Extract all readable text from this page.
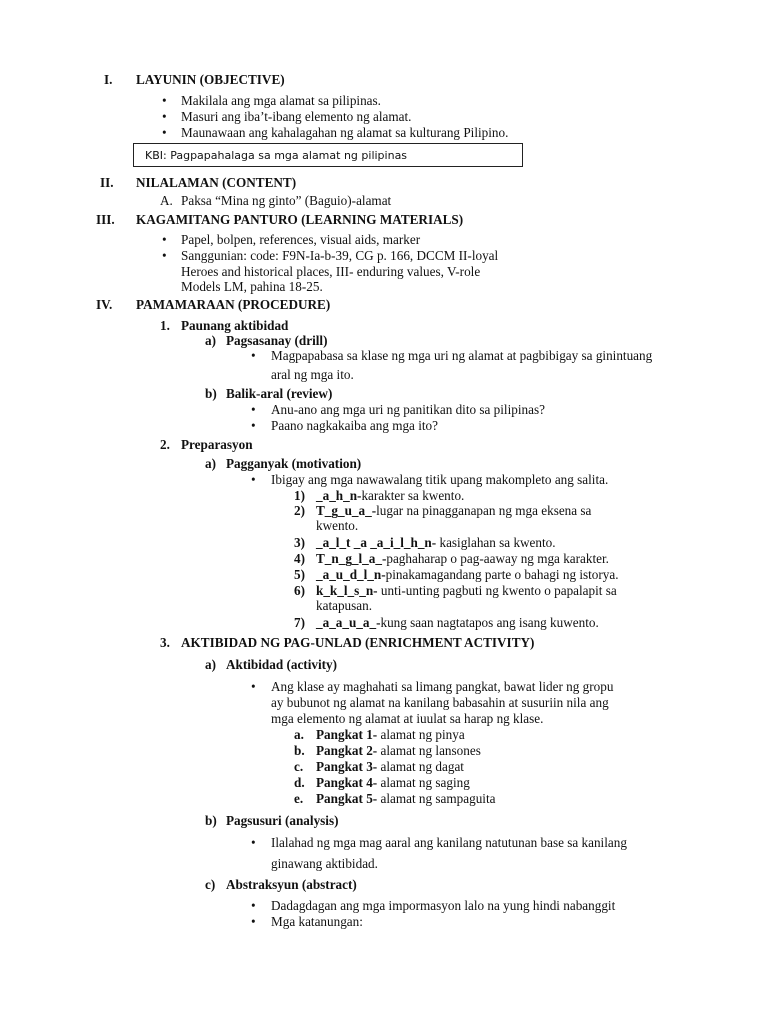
I. LAYUNIN (OBJECTIVE)
•
Makilala ang mga alamat sa pilipinas.
•
Masuri ang iba’t-ibang elemento ng alamat.
•
Maunawaan ang kahalagahan ng alamat sa kulturang Pilipino.
KBI: Pagpapahalaga sa mga alamat ng pilipinas
II. NILALAMAN (CONTENT)
A. Paksa “Mina ng ginto” (Baguio)-alamat
III. KAGAMITANG PANTURO (LEARNING MATERIALS)
•
Papel, bolpen, references, visual aids, marker
•
Sanggunian: code: F9N-Ia-b-39, CG p. 166, DCCM II-loyal
Heroes and historical places, III- enduring values, V-role
Models LM, pahina 18-25.
IV. PAMAMARAAN (PROCEDURE)
1. Paunang aktibidad
a) Pagsasanay (drill)
•
Magpapabasa sa klase ng mga uri ng alamat at pagbibigay sa ginintuang
aral ng mga ito.
b) Balik-aral (review)
•
Anu-ano ang mga uri ng panitikan dito sa pilipinas?
•
Paano nagkakaiba ang mga ito?
2. Preparasyon
a) Pagganyak (motivation)
•
Ibigay ang mga nawawalang titik upang makompleto ang salita.
1) _a_h_n-karakter sa kwento.
2) T_g_u_a_-lugar na pinagganapan ng mga eksena sa
kwento.
3) _a_l_t _a _a_i_l_h_n- kasiglahan sa kwento.
4) T_n_g_l_a_-paghaharap o pag-aaway ng mga karakter.
5) _a_u_d_l_n-pinakamagandang parte o bahagi ng istorya.
6) k_k_l_s_n- unti-unting pagbuti ng kwento o papalapit sa
katapusan.
7) _a_a_u_a_-kung saan nagtatapos ang isang kuwento.
3. AKTIBIDAD NG PAG-UNLAD (ENRICHMENT ACTIVITY)
a) Aktibidad (activity)
•
Ang klase ay maghahati sa limang pangkat, bawat lider ng gropu
ay bubunot ng alamat na kanilang babasahin at susuriin nila ang
mga elemento ng alamat at iuulat sa harap ng klase.
a. Pangkat 1- alamat ng pinya
b. Pangkat 2- alamat ng lansones
c. Pangkat 3- alamat ng dagat
d. Pangkat 4- alamat ng saging
e. Pangkat 5- alamat ng sampaguita
b) Pagsusuri (analysis)
•
Ilalahad ng mga mag aaral ang kanilang natutunan base sa kanilang
ginawang aktibidad.
c) Abstraksyun (abstract)
•
Dadagdagan ang mga impormasyon lalo na yung hindi nabanggit
•
Mga katanungan:
